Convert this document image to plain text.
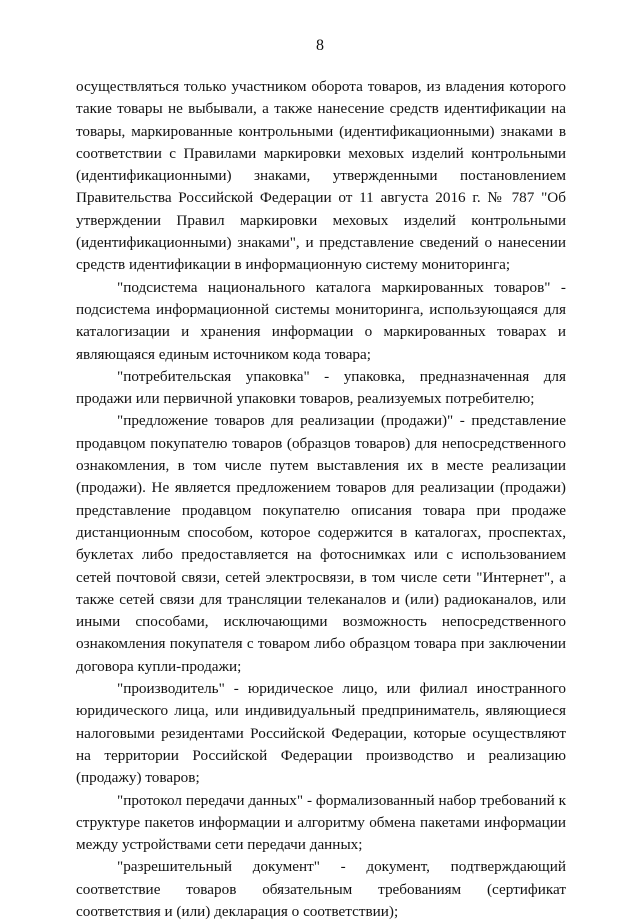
8

осуществляться только участником оборота товаров, из владения которого такие товары не выбывали, а также нанесение средств идентификации на товары, маркированные контрольными (идентификационными) знаками в соответствии с Правилами маркировки меховых изделий контрольными (идентификационными) знаками, утвержденными постановлением Правительства Российской Федерации от 11 августа 2016 г. № 787 "Об утверждении Правил маркировки меховых изделий контрольными (идентификационными) знаками", и представление сведений о нанесении средств идентификации в информационную систему мониторинга;

"подсистема национального каталога маркированных товаров" - подсистема информационной системы мониторинга, использующаяся для каталогизации и хранения информации о маркированных товарах и являющаяся единым источником кода товара;

"потребительская упаковка" - упаковка, предназначенная для продажи или первичной упаковки товаров, реализуемых потребителю;

"предложение товаров для реализации (продажи)" - представление продавцом покупателю товаров (образцов товаров) для непосредственного ознакомления, в том числе путем выставления их в месте реализации (продажи). Не является предложением товаров для реализации (продажи) представление продавцом покупателю описания товара при продаже дистанционным способом, которое содержится в каталогах, проспектах, буклетах либо предоставляется на фотоснимках или с использованием сетей почтовой связи, сетей электросвязи, в том числе сети "Интернет", а также сетей связи для трансляции телеканалов и (или) радиоканалов, или иными способами, исключающими возможность непосредственного ознакомления покупателя с товаром либо образцом товара при заключении договора купли-продажи;

"производитель" - юридическое лицо, или филиал иностранного юридического лица, или индивидуальный предприниматель, являющиеся налоговыми резидентами Российской Федерации, которые осуществляют на территории Российской Федерации производство и реализацию (продажу) товаров;

"протокол передачи данных" - формализованный набор требований к структуре пакетов информации и алгоритму обмена пакетами информации между устройствами сети передачи данных;

"разрешительный документ" - документ, подтверждающий соответствие товаров обязательным требованиям (сертификат соответствия и (или) декларация о соответствии);
